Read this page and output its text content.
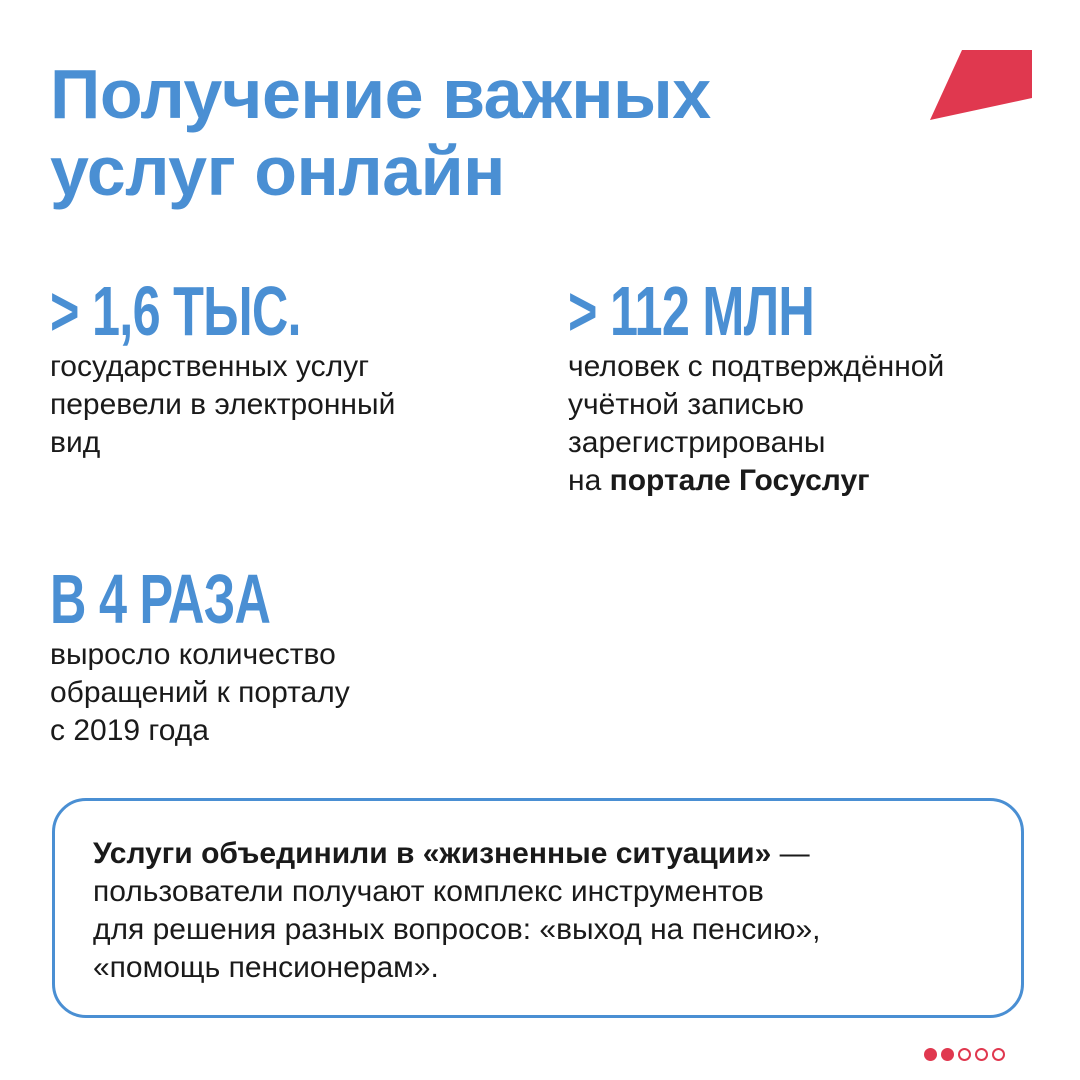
Получение важных
услуг онлайн
> 1,6 ТЫС.
государственных услуг
перевели в электронный
вид
> 112 МЛН
человек с подтверждённой
учётной записью
зарегистрированы
на портале Госуслуг
В 4 РАЗА
выросло количество
обращений к порталу
с 2019 года
Услуги объединили в «жизненные ситуации» —
пользователи получают комплекс инструментов
для решения разных вопросов: «выход на пенсию»,
«помощь пенсионерам».
